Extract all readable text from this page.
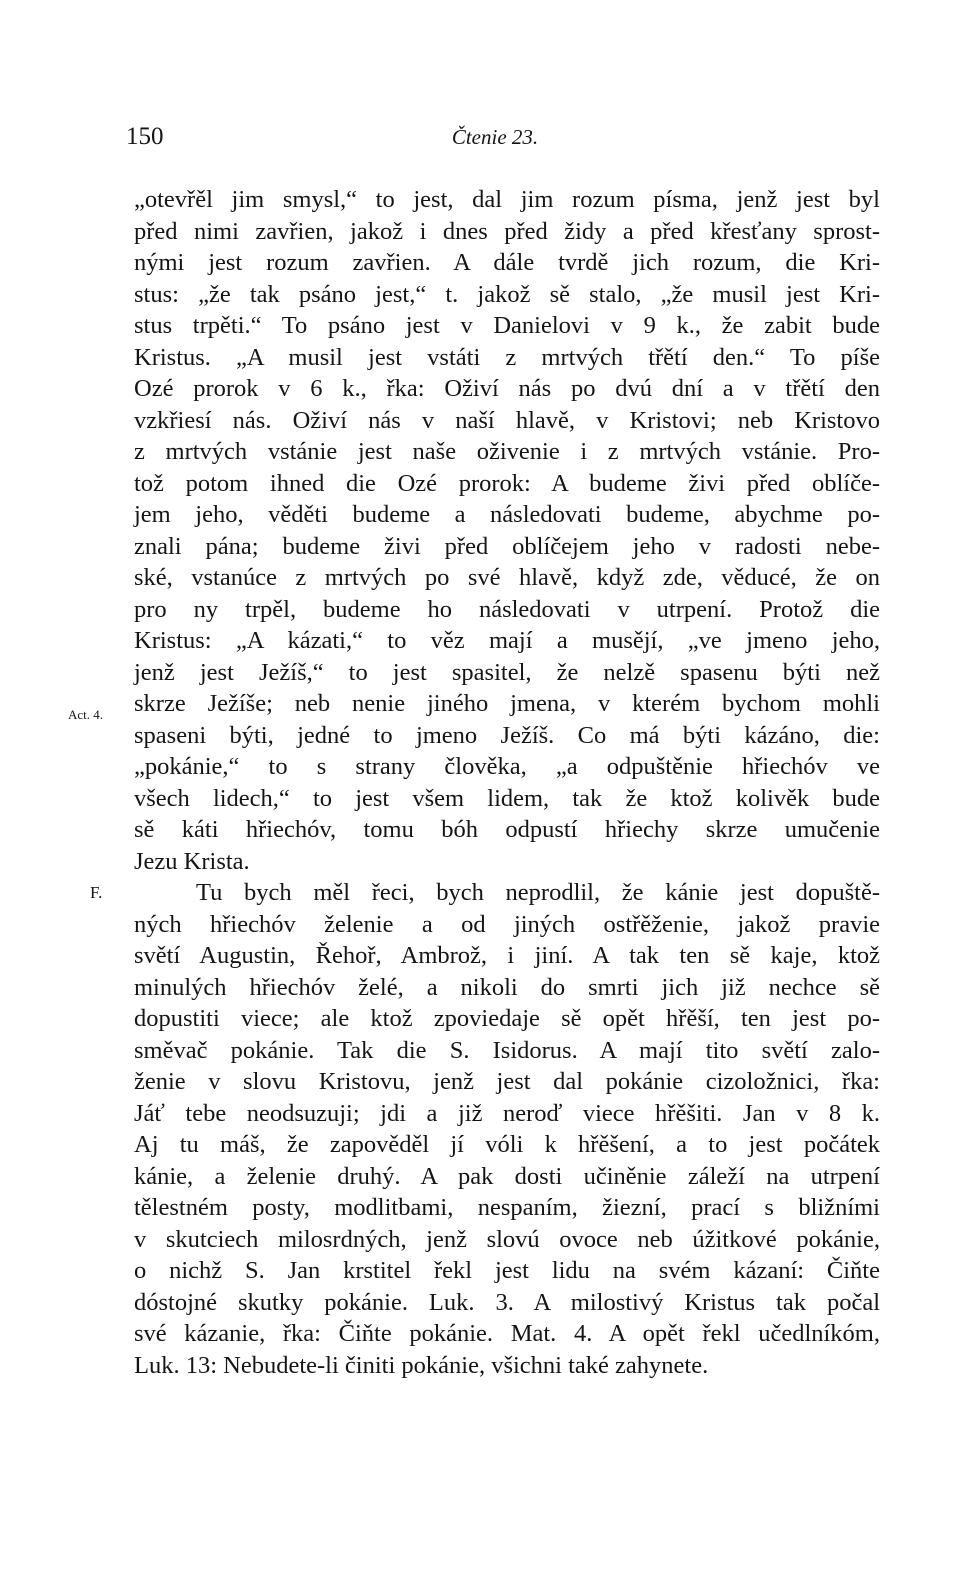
150	Čtenie 23.
Act. 4.
F.
„otevřěl jim smysl,“ to jest, dal jim rozum písma, jenž jest byl
před nimi zavřien, jakož i dnes před židy a před křesťany sprost-
nými jest rozum zavřien. A dále tvrdě jich rozum, die Kri-
stus: „že tak psáno jest,“ t. jakož sě stalo, „že musil jest Kri-
stus trpěti.“ To psáno jest v Danielovi v 9 k., že zabit bude
Kristus. „A musil jest vstáti z mrtvých třětí den.“ To píše
Ozé prorok v 6 k., řka: Oživí nás po dvú dní a v třětí den
vzkřiesí nás. Oživí nás v naší hlavě, v Kristovi; neb Kristovo
z mrtvých vstánie jest naše oživenie i z mrtvých vstánie. Pro-
tož potom ihned die Ozé prorok: A budeme živi před oblíče-
jem jeho, věděti budeme a následovati budeme, abychme po-
znali pána; budeme živi před oblíčejem jeho v radosti nebe-
ské, vstanúce z mrtvých po své hlavě, když zde, věducé, že on
pro ny trpěl, budeme ho následovati v utrpení. Protož die
Kristus: „A kázati,“ to věz mají a musějí, „ve jmeno jeho,
jenž jest Ježíš,“ to jest spasitel, že nelzě spasenu býti než
skrze Ježíše; neb nenie jiného jmena, v kterém bychom mohli
spaseni býti, jedné to jmeno Ježíš. Co má býti kázáno, die:
„pokánie,“ to s strany člověka, „a odpuštěnie hřiechóv ve
všech lidech,“ to jest všem lidem, tak že ktož kolivěk bude
sě káti hřiechóv, tomu bóh odpustí hřiechy skrze umučenie
Jezu Krista.
Tu bych měl řeci, bych neprodlil, že kánie jest dopuště-
ných hřiechóv želenie a od jiných ostřěženie, jakož pravie
světí Augustin, Řehoř, Ambrož, i jiní. A tak ten sě kaje, ktož
minulých hřiechóv želé, a nikoli do smrti jich již nechce sě
dopustiti viece; ale ktož zpoviedaje sě opět hřěší, ten jest po-
směvač pokánie. Tak die S. Isidorus. A mají tito světí zalo-
ženie v slovu Kristovu, jenž jest dal pokánie cizoložnici, řka:
Jáť tebe neodsuzuji; jdi a již neroď viece hřěšiti. Jan v 8 k.
Aj tu máš, že zapověděl jí vóli k hřěšení, a to jest počátek
kánie, a želenie druhý. A pak dosti učiněnie záleží na utrpení
tělestném posty, modlitbami, nespaním, žiezní, prací s bližními
v skutciech milosrdných, jenž slovú ovoce neb úžitkové pokánie,
o nichž S. Jan krstitel řekl jest lidu na svém kázaní: Čiňte
dóstojné skutky pokánie. Luk. 3. A milostivý Kristus tak počal
své kázanie, řka: Čiňte pokánie. Mat. 4. A opět řekl učedlníkóm,
Luk. 13: Nebudete-li činiti pokánie, všichni také zahynete.
